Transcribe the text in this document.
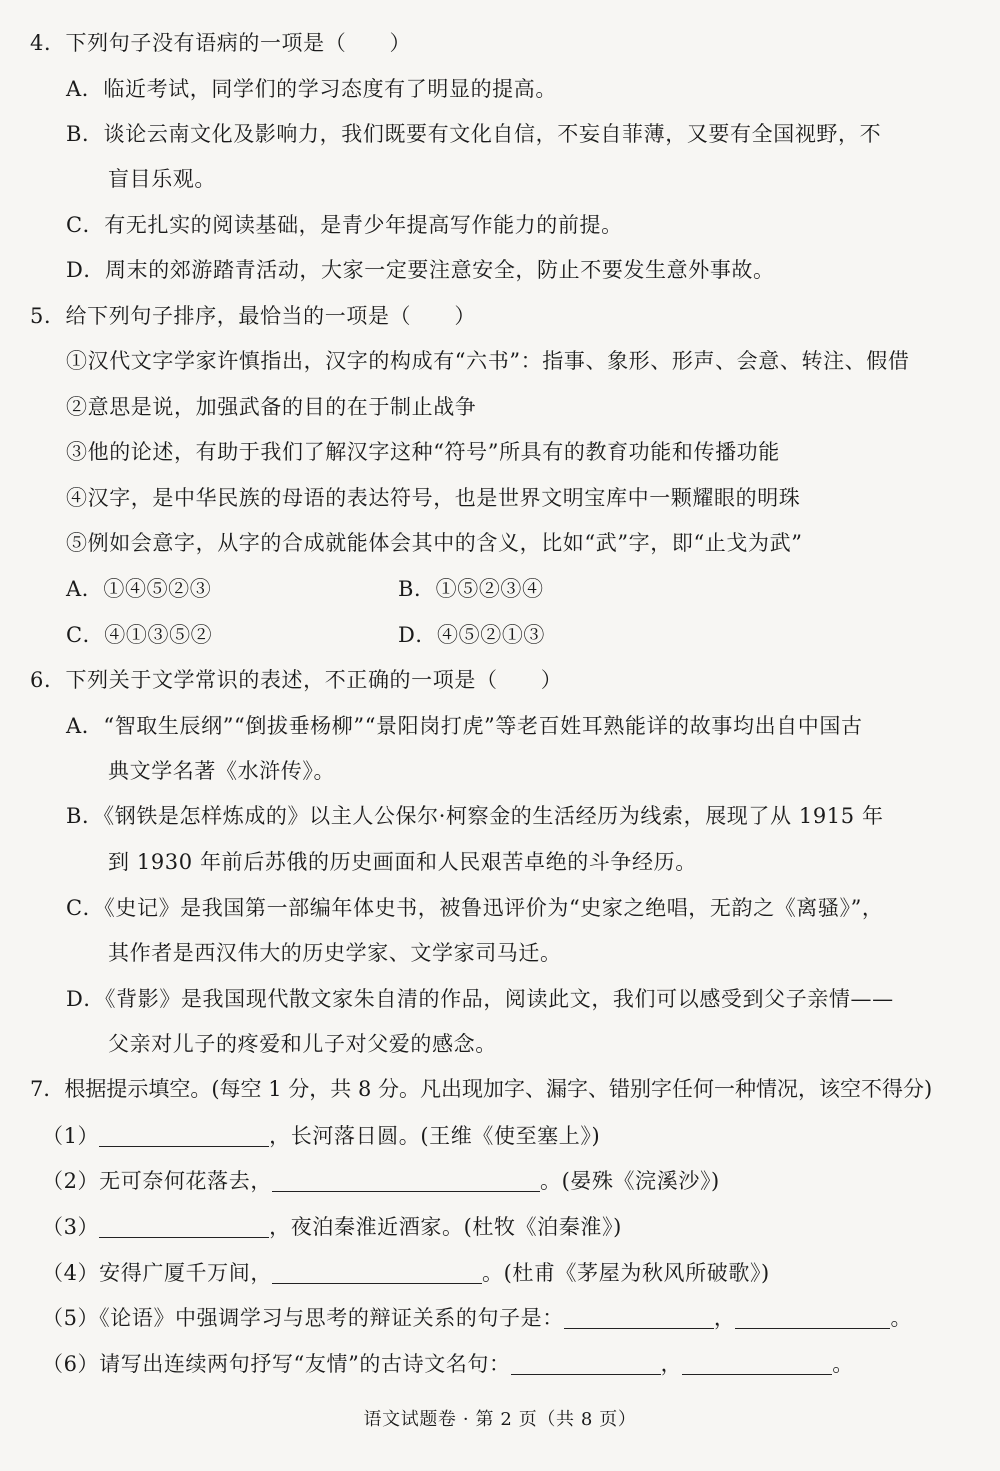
4．下列句子没有语病的一项是（　　）
A．临近考试，同学们的学习态度有了明显的提高。
B．谈论云南文化及影响力，我们既要有文化自信，不妄自菲薄，又要有全国视野，不
盲目乐观。
C．有无扎实的阅读基础，是青少年提高写作能力的前提。
D．周末的郊游踏青活动，大家一定要注意安全，防止不要发生意外事故。
5．给下列句子排序，最恰当的一项是（　　）
①汉代文字学家许慎指出，汉字的构成有“六书”：指事、象形、形声、会意、转注、假借
②意思是说，加强武备的目的在于制止战争
③他的论述，有助于我们了解汉字这种“符号”所具有的教育功能和传播功能
④汉字，是中华民族的母语的表达符号，也是世界文明宝库中一颗耀眼的明珠
⑤例如会意字，从字的合成就能体会其中的含义，比如“武”字，即“止戈为武”
A．①④⑤②③	B．①⑤②③④
C．④①③⑤②	D．④⑤②①③
6．下列关于文学常识的表述，不正确的一项是（　　）
A．“智取生辰纲”“倒拔垂杨柳”“景阳岗打虎”等老百姓耳熟能详的故事均出自中国古
典文学名著《水浒传》。
B．《钢铁是怎样炼成的》以主人公保尔·柯察金的生活经历为线索，展现了从 1915 年
到 1930 年前后苏俄的历史画面和人民艰苦卓绝的斗争经历。
C．《史记》是我国第一部编年体史书，被鲁迅评价为“史家之绝唱，无韵之《离骚》”，
其作者是西汉伟大的历史学家、文学家司马迁。
D．《背影》是我国现代散文家朱自清的作品，阅读此文，我们可以感受到父子亲情——
父亲对儿子的疼爱和儿子对父爱的感念。
7．根据提示填空。(每空 1 分，共 8 分。凡出现加字、漏字、错别字任何一种情况，该空不得分)
（1）	，长河落日圆。(王维《使至塞上》)
（2）无可奈何花落去，	。(晏殊《浣溪沙》)
（3）	，夜泊秦淮近酒家。(杜牧《泊秦淮》)
（4）安得广厦千万间，	。(杜甫《茅屋为秋风所破歌》)
（5）《论语》中强调学习与思考的辩证关系的句子是：	，	。
（6）请写出连续两句抒写“友情”的古诗文名句：	，	。
语文试题卷 · 第 2 页（共 8 页）
